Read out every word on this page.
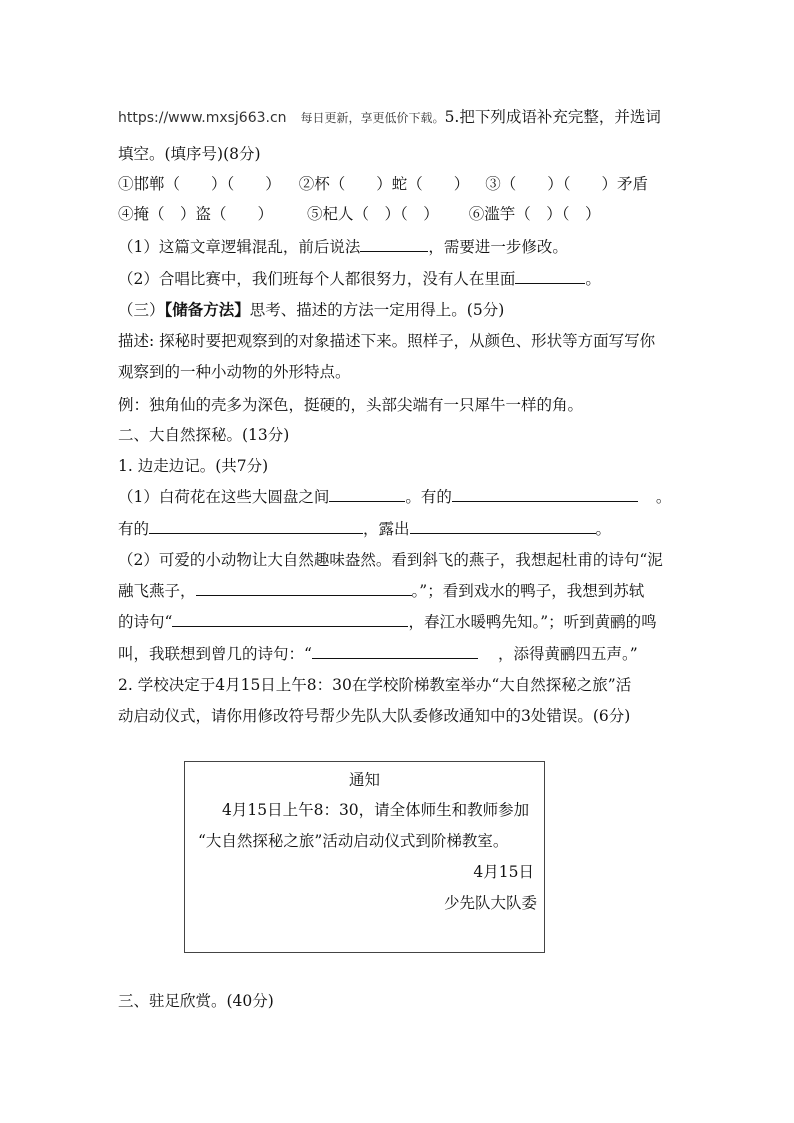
https://www.mxsj663.cn 每日更新，享更低价下载。5.把下列成语补充完整，并选词
填空。(填序号)(8分)
①邯郸（　　）（　　） ②杯（　　）蛇（　　） ③（　　）（　　）矛盾
④掩（　）盗（　　） ⑤杞人（　）（　） ⑥滥竽（　）（　）
（1）这篇文章逻辑混乱，前后说法	，需要进一步修改。
（2）合唱比赛中，我们班每个人都很努力，没有人在里面	。
（三）【储备方法】思考、描述的方法一定用得上。(5分)
描述: 探秘时要把观察到的对象描述下来。照样子，从颜色、形状等方面写写你
观察到的一种小动物的外形特点。
例：独角仙的壳多为深色，挺硬的，头部尖端有一只犀牛一样的角。
二、大自然探秘。(13分)
1. 边走边记。(共7分)
（1）白荷花在这些大圆盘之间	。有的	。
有的	，露出	。
（2）可爱的小动物让大自然趣味盎然。看到斜飞的燕子，我想起杜甫的诗句“泥
融飞燕子，	。”；看到戏水的鸭子，我想到苏轼
的诗句“	，春江水暖鸭先知。”；听到黄鹂的鸣
叫，我联想到曾几的诗句：“	，添得黄鹂四五声。”
2. 学校决定于4月15日上午8：30在学校阶梯教室举办“大自然探秘之旅”活
动启动仪式，请你用修改符号帮少先队大队委修改通知中的3处错误。(6分)
通知
4月15日上午8：30，请全体师生和教师参加
“大自然探秘之旅”活动启动仪式到阶梯教室。
4月15日
少先队大队委
三、驻足欣赏。(40分)
